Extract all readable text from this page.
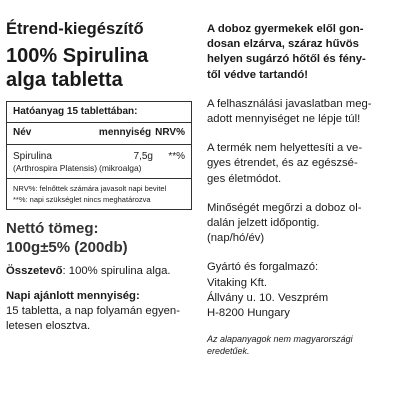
Étrend-kiegészítő
100% Spirulina
alga tabletta
Hatóanyag 15 tablettában:
Név	mennyiség NRV%
Spirulina	7,5g	**%
(Arthrospira Platensis) (mikroalga)
NRV%: felnőttek számára javasolt napi bevitel
**%: napi szükséglet nincs meghatározva
Nettó tömeg:
100g±5% (200db)
Összetevő: 100% spirulina alga.
Napi ajánlott mennyiség:
15 tabletta, a nap folyamán egyen-
letesen elosztva.
A doboz gyermekek elől gon-
dosan elzárva, száraz hűvös
helyen sugárzó hőtől és fény-
től védve tartandó!
A felhasználási javaslatban meg-
adott mennyiséget ne lépje túl!
A termék nem helyettesíti a ve-
gyes étrendet, és az egészsé-
ges életmódot.
Minőségét megőrzi a doboz ol-
dalán jelzett időpontig.
(nap/hó/év)
Gyártó és forgalmazó:
Vitaking Kft.
Állvány u. 10. Veszprém
H-8200 Hungary
Az alapanyagok nem magyarországi
eredetűek.
